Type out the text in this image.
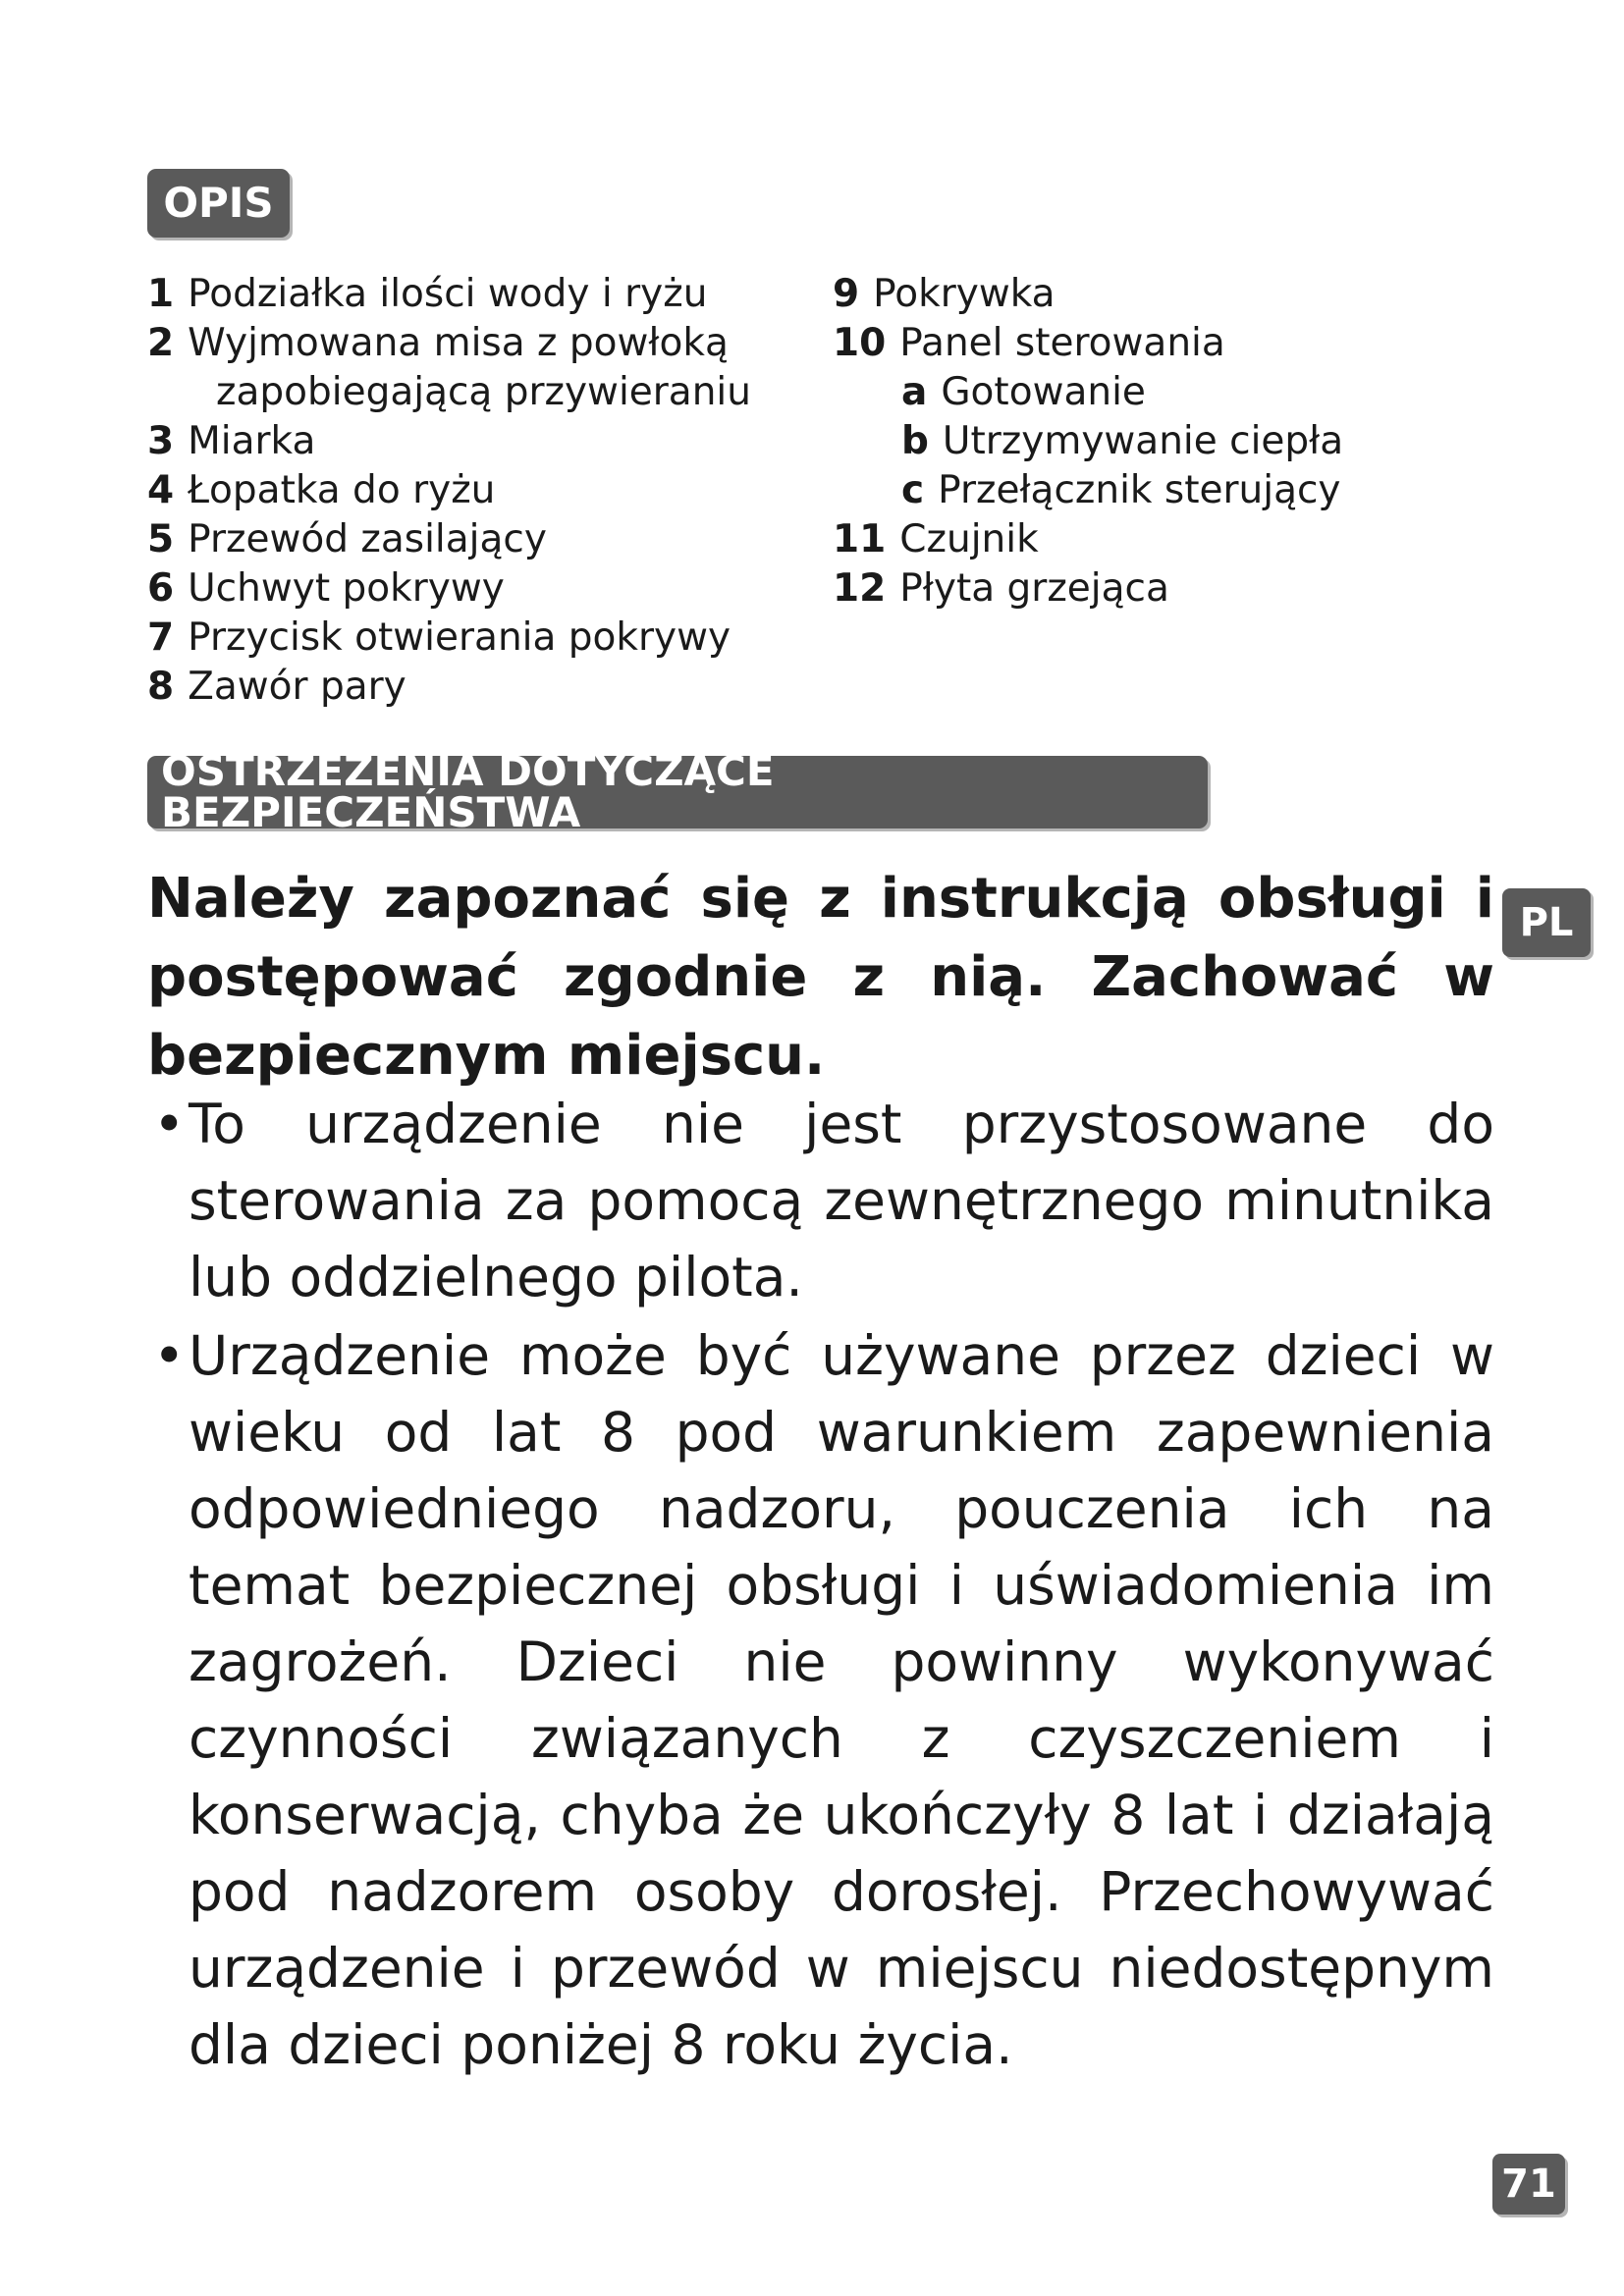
OPIS
1 Podziałka ilości wody i ryżu
2 Wyjmowana misa z powłoką
zapobiegającą przywieraniu
3 Miarka
4 Łopatka do ryżu
5 Przewód zasilający
6 Uchwyt pokrywy
7 Przycisk otwierania pokrywy
8 Zawór pary
9 Pokrywka
10 Panel sterowania
a Gotowanie
b Utrzymywanie ciepła
c Przełącznik sterujący
11 Czujnik
12 Płyta grzejąca
OSTRZEŻENIA DOTYCZĄCE BEZPIECZEŃSTWA
PL

Należy zapoznać się z instrukcją obsługi i postępować zgodnie z nią. Zachować w bezpiecznym miejscu.

• To urządzenie nie jest przystosowane do sterowania za pomocą zewnętrznego minutnika lub oddzielnego pilota.
• Urządzenie może być używane przez dzieci w wieku od lat 8 pod warunkiem zapewnienia odpowiedniego nadzoru, pouczenia ich na temat bezpiecznej obsługi i uświadomienia im zagrożeń. Dzieci nie powinny wykonywać czynności związanych z czyszczeniem i konserwacją, chyba że ukończyły 8 lat i działają pod nadzorem osoby dorosłej. Przechowywać urządzenie i przewód w miejscu niedostępnym dla dzieci poniżej 8 roku życia.
71
